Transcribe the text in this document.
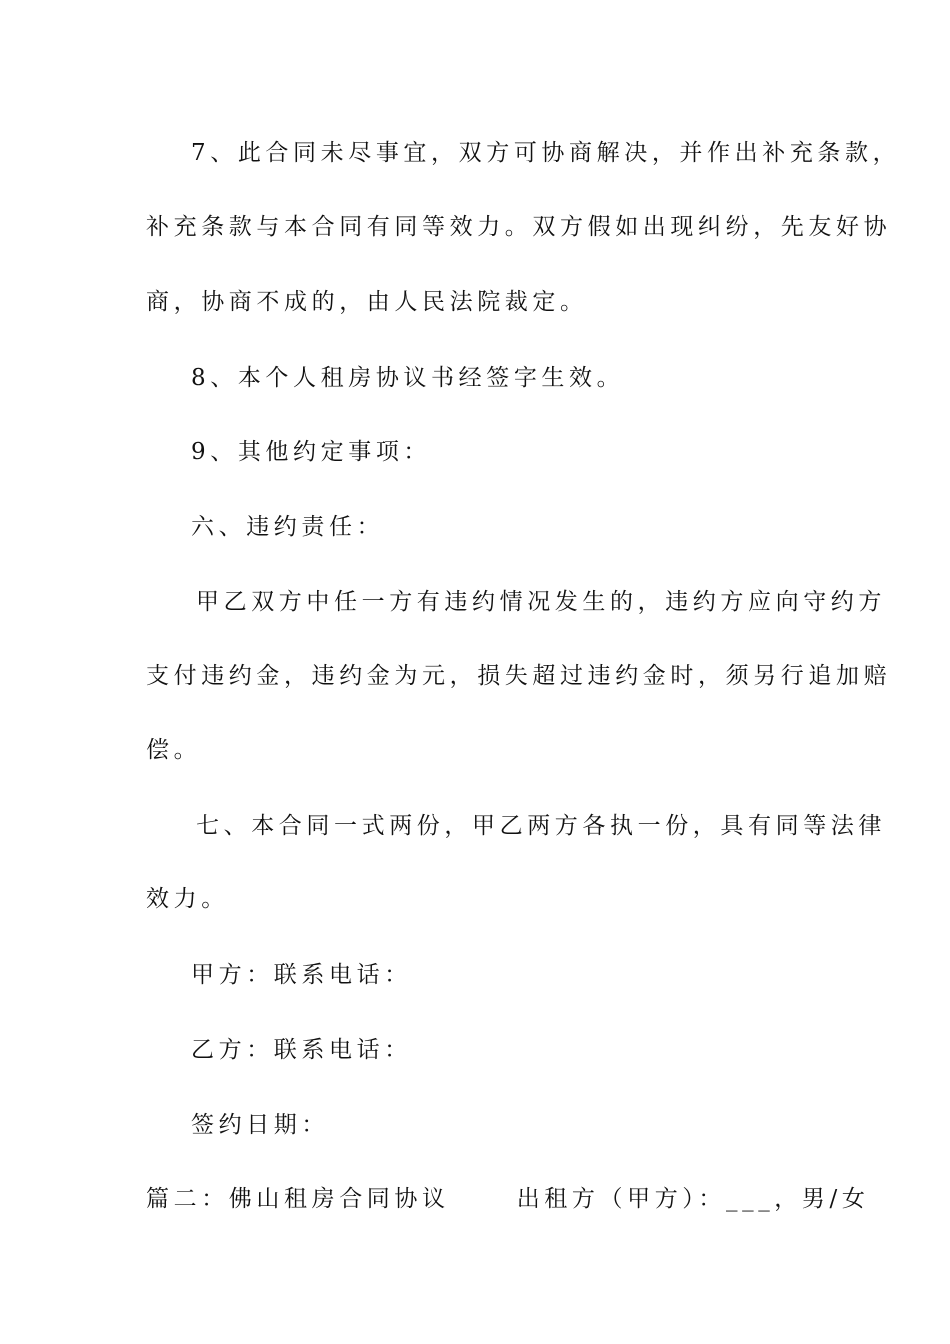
7、此合同未尽事宜，双方可协商解决，并作出补充条款，
补充条款与本合同有同等效力。双方假如出现纠纷，先友好协
商，协商不成的，由人民法院裁定。
8、本个人租房协议书经签字生效。
9、其他约定事项：
六、违约责任：
甲乙双方中任一方有违约情况发生的，违约方应向守约方
支付违约金，违约金为元，损失超过违约金时，须另行追加赔
偿。
七、本合同一式两份，甲乙两方各执一份，具有同等法律
效力。
甲方：联系电话：
乙方：联系电话：
签约日期：
篇二：佛山租房合同协议　　 出租方（甲方）：___，男/女
